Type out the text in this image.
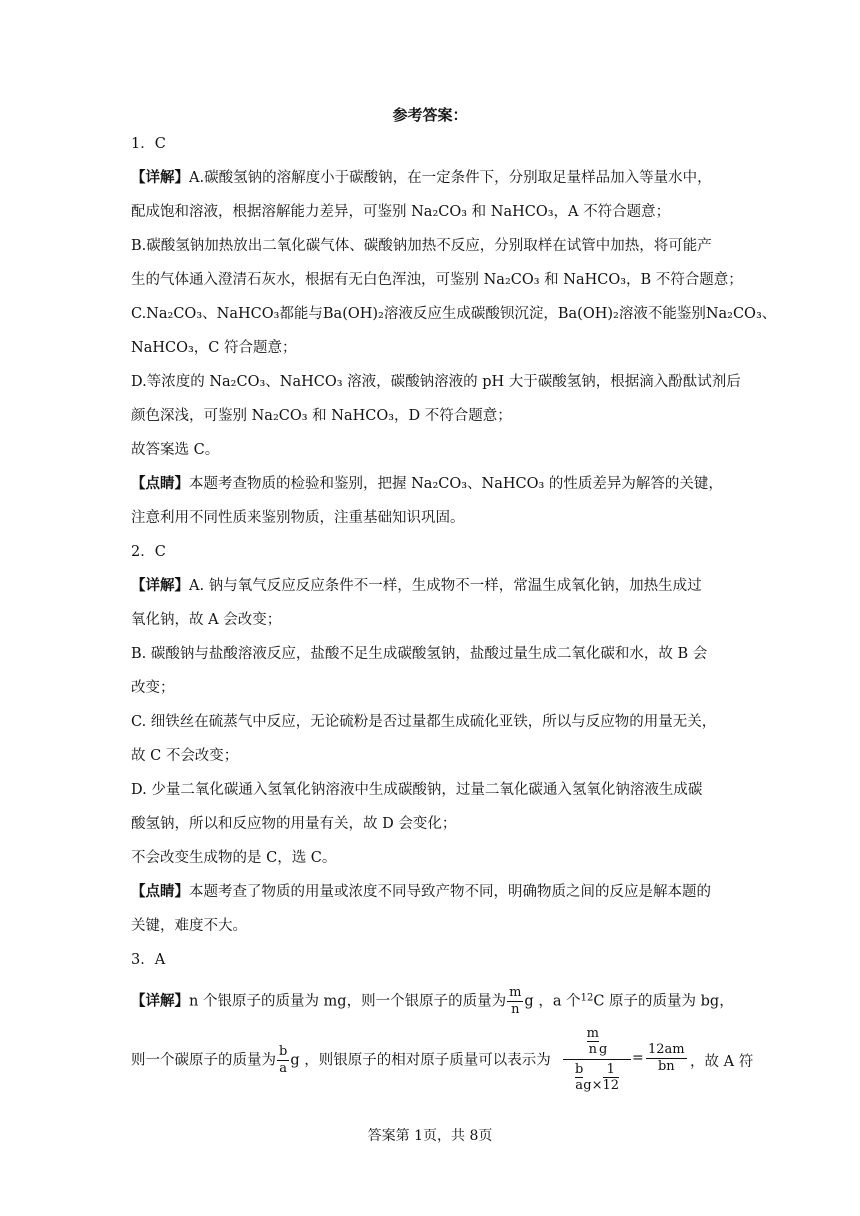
参考答案：
1．C
【详解】A.碳酸氢钠的溶解度小于碳酸钠，在一定条件下，分别取足量样品加入等量水中，
配成饱和溶液，根据溶解能力差异，可鉴别 Na₂CO₃ 和 NaHCO₃，A 不符合题意；
B.碳酸氢钠加热放出二氧化碳气体、碳酸钠加热不反应，分别取样在试管中加热，将可能产
生的气体通入澄清石灰水，根据有无白色浑浊，可鉴别 Na₂CO₃ 和 NaHCO₃，B 不符合题意；
C.Na₂CO₃、NaHCO₃都能与Ba(OH)₂溶液反应生成碳酸钡沉淀，Ba(OH)₂溶液不能鉴别Na₂CO₃、
NaHCO₃，C 符合题意；
D.等浓度的 Na₂CO₃、NaHCO₃ 溶液，碳酸钠溶液的 pH 大于碳酸氢钠，根据滴入酚酞试剂后
颜色深浅，可鉴别 Na₂CO₃ 和 NaHCO₃，D 不符合题意；
故答案选 C。
【点睛】本题考查物质的检验和鉴别，把握 Na₂CO₃、NaHCO₃ 的性质差异为解答的关键，
注意利用不同性质来鉴别物质，注重基础知识巩固。
2．C
【详解】A. 钠与氧气反应反应条件不一样，生成物不一样，常温生成氧化钠，加热生成过
氧化钠，故 A 会改变；
B. 碳酸钠与盐酸溶液反应，盐酸不足生成碳酸氢钠，盐酸过量生成二氧化碳和水，故 B 会
改变；
C. 细铁丝在硫蒸气中反应，无论硫粉是否过量都生成硫化亚铁，所以与反应物的用量无关，
故 C 不会改变；
D. 少量二氧化碳通入氢氧化钠溶液中生成碳酸钠，过量二氧化碳通入氢氧化钠溶液生成碳
酸氢钠，所以和反应物的用量有关，故 D 会变化；
不会改变生成物的是 C，选 C。
【点睛】本题考查了物质的用量或浓度不同导致产物不同，明确物质之间的反应是解本题的
关键，难度不大。
3．A
【详解】n 个银原子的质量为 mg，则一个银原子的质量为 $\frac{m}{n}$ g ，a 个$^{12}$C 原子的质量为 bg，
则一个碳原子的质量为 $\frac{b}{a}$ g ，则银原子的相对原子质量可以表示为
$\frac{m}{n}$ g
$\frac{b}{a} g\times \frac{1}{12}$
= $\frac{12am}{bn}$ ，故 A 符
答案第 1页，共 8页
